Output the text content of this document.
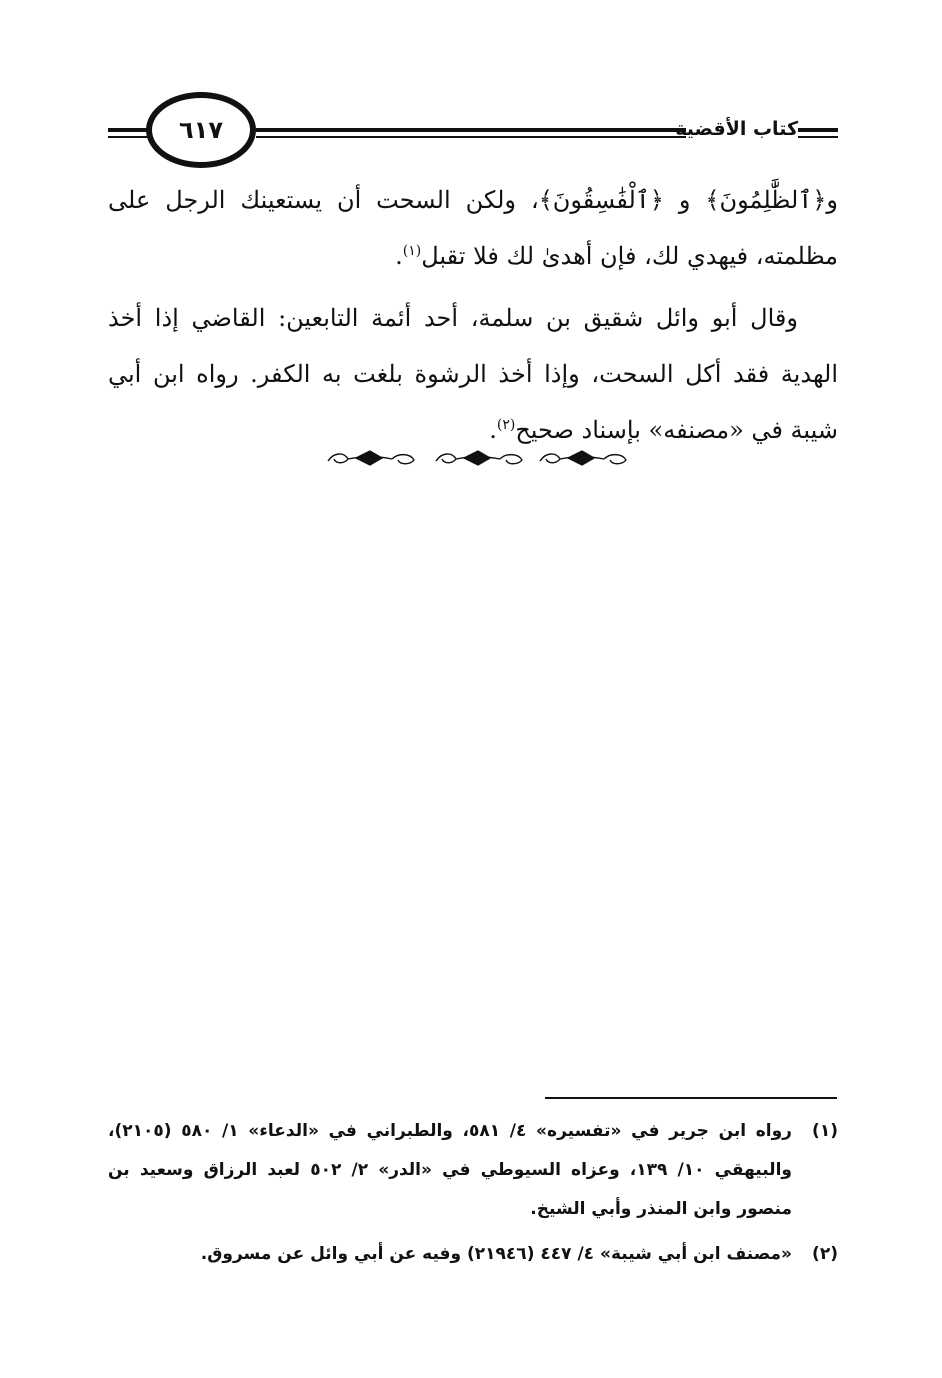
كتاب الأقضية
٦١٧

و﴿ٱلظَّٰلِمُونَ﴾ و ﴿ٱلْفَٰسِقُونَ﴾، ولكن السحت أن يستعينك الرجل على مظلمته، فيهدي لك، فإن أهدىٰ لك فلا تقبل$^{(١)}$.

وقال أبو وائل شقيق بن سلمة، أحد أئمة التابعين: القاضي إذا أخذ الهدية فقد أكل السحت، وإذا أخذ الرشوة بلغت به الكفر. رواه ابن أبي شيبة في «مصنفه» بإسناد صحيح$^{(٢)}$.

(١)
رواه ابن جرير في «تفسيره» ٤/ ٥٨١، والطبراني في «الدعاء» ١/ ٥٨٠ (٢١٠٥)، والبيهقي ١٠/ ١٣٩، وعزاه السيوطي في «الدر» ٢/ ٥٠٢ لعبد الرزاق وسعيد بن منصور وابن المنذر وأبي الشيخ.
(٢)
«مصنف ابن أبي شيبة» ٤/ ٤٤٧ (٢١٩٤٦) وفيه عن أبي وائل عن مسروق.
